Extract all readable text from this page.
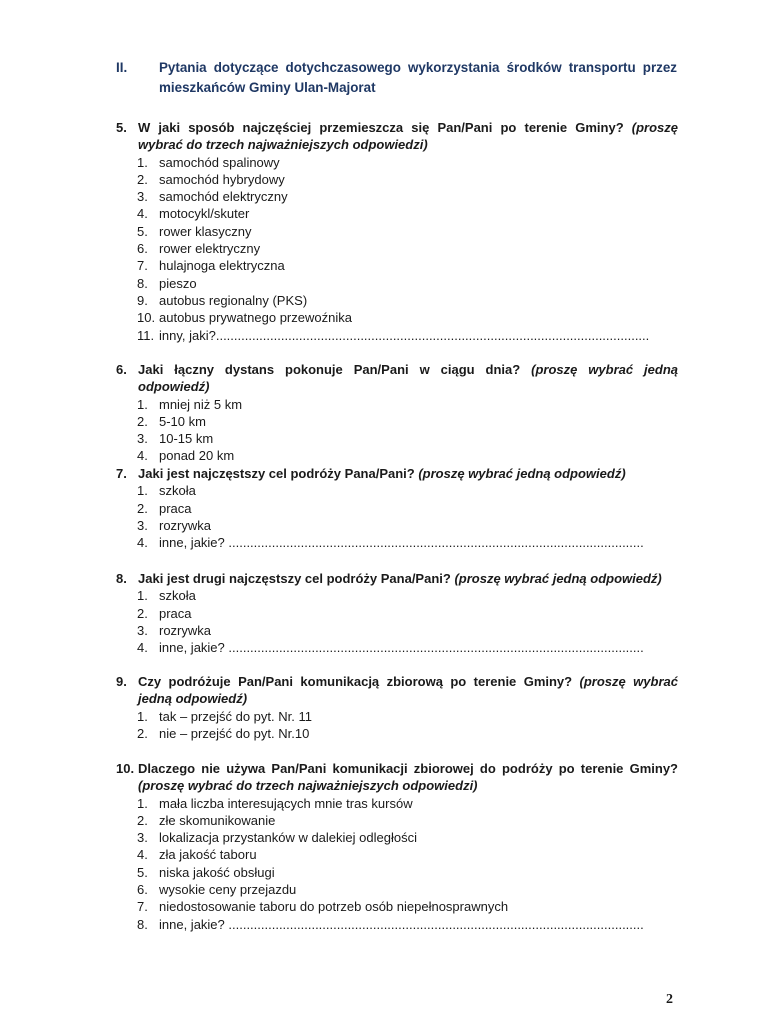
II. Pytania dotyczące dotychczasowego wykorzystania środków transportu przez mieszkańców Gminy Ulan-Majorat
5. W jaki sposób najczęściej przemieszcza się Pan/Pani po terenie Gminy? (proszę wybrać do trzech najważniejszych odpowiedzi)
1. samochód spalinowy
2. samochód hybrydowy
3. samochód elektryczny
4. motocykl/skuter
5. rower klasyczny
6. rower elektryczny
7. hulajnoga elektryczna
8. pieszo
9. autobus regionalny (PKS)
10. autobus prywatnego przewoźnika
11. inny, jaki?........................................................................................................................
6. Jaki łączny dystans pokonuje Pan/Pani w ciągu dnia? (proszę wybrać jedną odpowiedź)
1. mniej niż 5 km
2. 5-10 km
3. 10-15 km
4. ponad 20 km
7. Jaki jest najczęstszy cel podróży Pana/Pani? (proszę wybrać jedną odpowiedź)
1. szkoła
2. praca
3. rozrywka
4. inne, jakie? ...................................................................................................................
8. Jaki jest drugi najczęstszy cel podróży Pana/Pani? (proszę wybrać jedną odpowiedź)
1. szkoła
2. praca
3. rozrywka
4. inne, jakie? ...................................................................................................................
9. Czy podróżuje Pan/Pani komunikacją zbiorową po terenie Gminy? (proszę wybrać jedną odpowiedź)
1. tak – przejść do pyt. Nr. 11
2. nie – przejść do pyt. Nr.10
10. Dlaczego nie używa Pan/Pani komunikacji zbiorowej do podróży po terenie Gminy? (proszę wybrać do trzech najważniejszych odpowiedzi)
1. mała liczba interesujących mnie tras kursów
2. złe skomunikowanie
3. lokalizacja przystanków w dalekiej odległości
4. zła jakość taboru
5. niska jakość obsługi
6. wysokie ceny przejazdu
7. niedostosowanie taboru do potrzeb osób niepełnosprawnych
8. inne, jakie? ...................................................................................................................
2
